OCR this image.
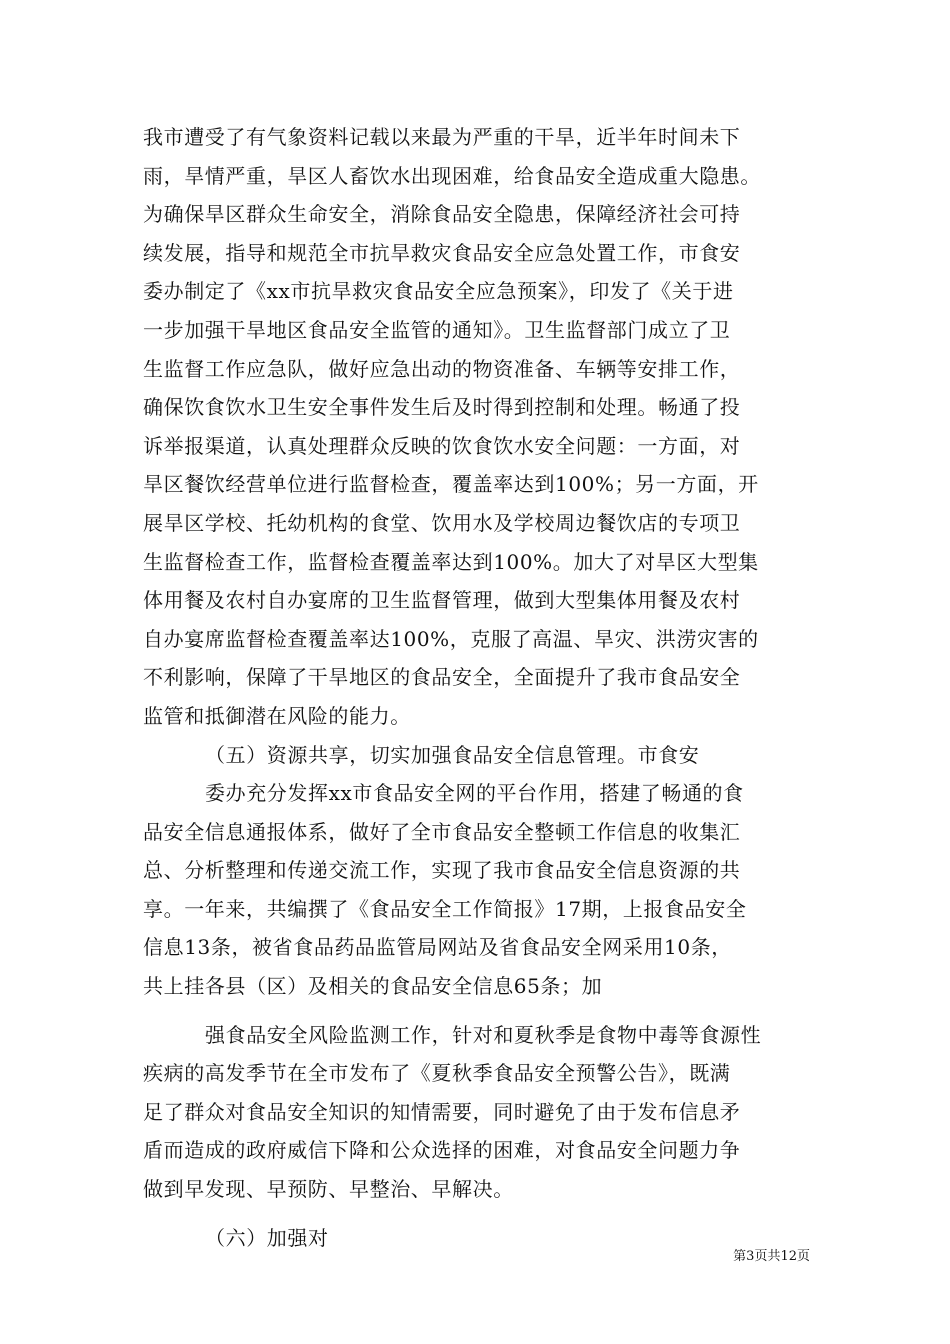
我市遭受了有气象资料记载以来最为严重的干旱，近半年时间未下
雨，旱情严重，旱区人畜饮水出现困难，给食品安全造成重大隐患。
为确保旱区群众生命安全，消除食品安全隐患，保障经济社会可持
续发展，指导和规范全市抗旱救灾食品安全应急处置工作，市食安
委办制定了《xx市抗旱救灾食品安全应急预案》，印发了《关于进
一步加强干旱地区食品安全监管的通知》。卫生监督部门成立了卫
生监督工作应急队，做好应急出动的物资准备、车辆等安排工作，
确保饮食饮水卫生安全事件发生后及时得到控制和处理。畅通了投
诉举报渠道，认真处理群众反映的饮食饮水安全问题：一方面，对
旱区餐饮经营单位进行监督检查，覆盖率达到100%；另一方面，开
展旱区学校、托幼机构的食堂、饮用水及学校周边餐饮店的专项卫
生监督检查工作，监督检查覆盖率达到100%。加大了对旱区大型集
体用餐及农村自办宴席的卫生监督管理，做到大型集体用餐及农村
自办宴席监督检查覆盖率达100%，克服了高温、旱灾、洪涝灾害的
不利影响，保障了干旱地区的食品安全，全面提升了我市食品安全
监管和抵御潜在风险的能力。
（五）资源共享，切实加强食品安全信息管理。市食安
委办充分发挥xx市食品安全网的平台作用，搭建了畅通的食
品安全信息通报体系，做好了全市食品安全整顿工作信息的收集汇
总、分析整理和传递交流工作，实现了我市食品安全信息资源的共
享。一年来，共编撰了《食品安全工作简报》17期，上报食品安全
信息13条，被省食品药品监管局网站及省食品安全网采用10条，
共上挂各县（区）及相关的食品安全信息65条；加
强食品安全风险监测工作，针对和夏秋季是食物中毒等食源性
疾病的高发季节在全市发布了《夏秋季食品安全预警公告》，既满
足了群众对食品安全知识的知情需要，同时避免了由于发布信息矛
盾而造成的政府威信下降和公众选择的困难，对食品安全问题力争
做到早发现、早预防、早整治、早解决。
（六）加强对
第3页共12页
